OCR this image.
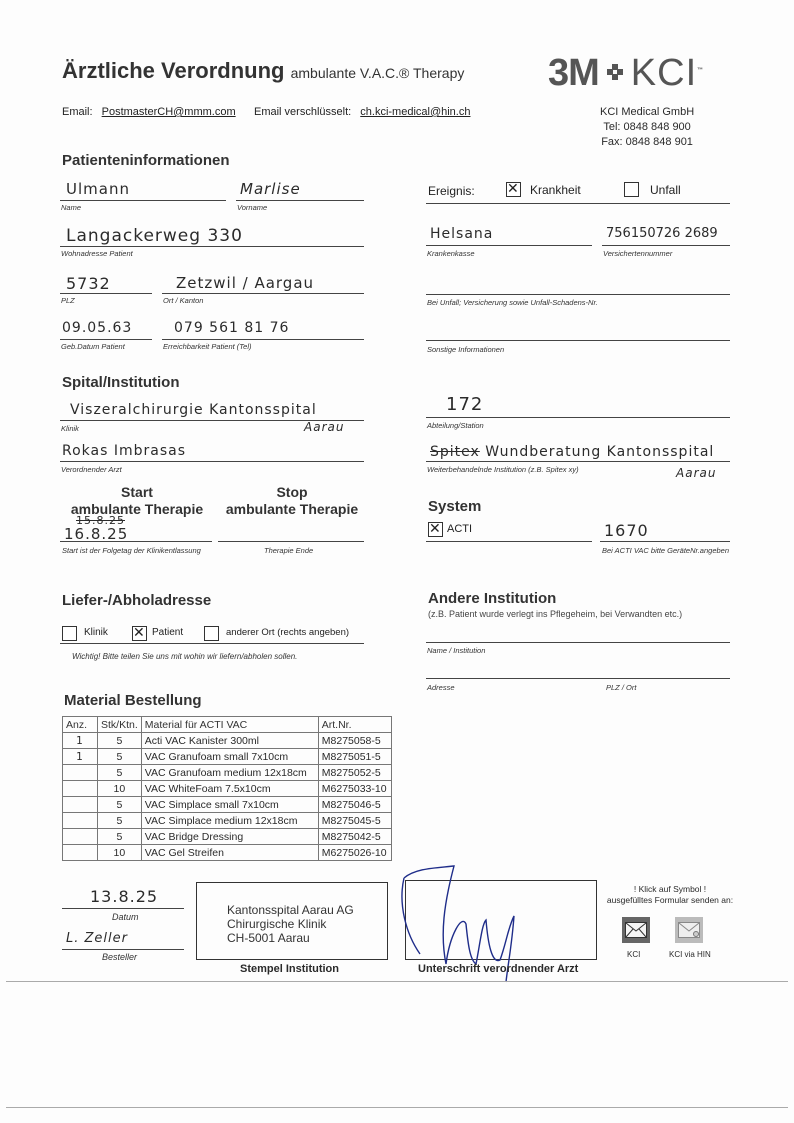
Ärztliche Verordnung ambulante V.A.C.® Therapy 3M KCI™
Email: PostmasterCH@mmm.com Email verschlüsselt: ch.kci-medical@hin.ch	KCI Medical GmbH
Tel: 0848 848 900
Fax: 0848 848 901
Patienteninformationen
Ulmann
Name
Marlise
Vorname
Langackerweg 330
Wohnadresse Patient
5732
PLZ
Zetzwil / Aargau
Ort / Kanton
09.05.63
Geb.Datum Patient
079 561 81 76
Erreichbarkeit Patient (Tel)
Ereignis: ✕	Krankheit	Unfall
Helsana
Krankenkasse
756150726 2689
Versichertennummer
Bei Unfall; Versicherung sowie Unfall-Schadens-Nr.
Sonstige Informationen
Spital/Institution
Viszeralchirurgie Kantonsspital
Aarau
Klinik
Rokas Imbrasas
Verordnender Arzt
Start
ambulante Therapie
15.8.25
16.8.25
Start ist der Folgetag der Klinikentlassung
Stop
ambulante Therapie
Therapie Ende
172
Abteilung/Station
Spitex Wundberatung Kantonsspital
Aarau
Weiterbehandelnde Institution (z.B. Spitex xy)
System
✕
ACTI	1670
Bei ACTI VAC bitte GeräteNr.angeben
Liefer-/Abholadresse
Klinik ✕	Patient	anderer Ort (rechts angeben)
Wichtig! Bitte teilen Sie uns mit wohin wir liefern/abholen sollen.
Andere Institution
(z.B. Patient wurde verlegt ins Pflegeheim, bei Verwandten etc.)
Name / Institution
Adresse	PLZ / Ort
Material Bestellung
Anz.	Stk/Ktn.	Material für ACTI VAC	Art.Nr.
1	5	Acti VAC Kanister 300ml	M8275058-5
1	5	VAC Granufoam small 7x10cm	M8275051-5
	5	VAC Granufoam medium 12x18cm	M8275052-5
	10	VAC WhiteFoam 7.5x10cm	M6275033-10
	5	VAC Simplace small 7x10cm	M8275046-5
	5	VAC Simplace medium 12x18cm	M8275045-5
	5	VAC Bridge Dressing	M8275042-5
	10	VAC Gel Streifen	M6275026-10
13.8.25
Datum
L. Zeller
Besteller
Kantonsspital Aarau AG
Chirurgische Klinik
CH-5001 Aarau
Stempel Institution	Unterschrift verordnender Arzt
! Klick auf Symbol !
ausgefülltes Formular senden an:
KCI	KCI via HIN
